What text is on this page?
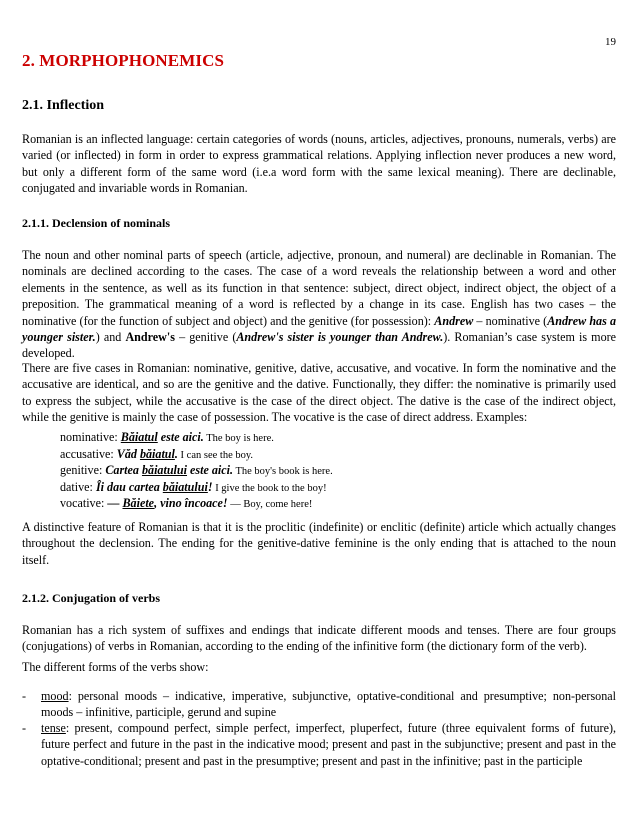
19
2. MORPHOPHONEMICS
2.1. Inflection
Romanian is an inflected language: certain categories of words (nouns, articles, adjectives, pronouns, numerals, verbs) are varied (or inflected) in form in order to express grammatical relations. Applying inflection never produces a new word, but only a different form of the same word (i.e.a word form with the same lexical meaning). There are declinable, conjugated and invariable words in Romanian.
2.1.1. Declension of nominals
The noun and other nominal parts of speech (article, adjective, pronoun, and numeral) are declinable in Romanian. The nominals are declined according to the cases. The case of a word reveals the relationship between a word and other elements in the sentence, as well as its function in that sentence: subject, direct object, indirect object, the object of a preposition. The grammatical meaning of a word is reflected by a change in its case. English has two cases – the nominative (for the function of subject and object) and the genitive (for possession): Andrew – nominative (Andrew has a younger sister.) and Andrew's – genitive (Andrew's sister is younger than Andrew.). Romanian’s case system is more developed.
There are five cases in Romanian: nominative, genitive, dative, accusative, and vocative. In form the nominative and the accusative are identical, and so are the genitive and the dative. Functionally, they differ: the nominative is primarily used to express the subject, while the accusative is the case of the direct object. The dative is the case of the indirect object, while the genitive is mainly the case of possession. The vocative is the case of direct address. Examples:
nominative: Băiatul este aici. The boy is here.
accusative: Văd băiatul. I can see the boy.
genitive: Cartea băiatului este aici. The boy's book is here.
dative: Îi dau cartea băiatului! I give the book to the boy!
vocative: — Băiete, vino încoace! — Boy, come here!
A distinctive feature of Romanian is that it is the proclitic (indefinite) or enclitic (definite) article which actually changes throughout the declension. The ending for the genitive-dative feminine is the only ending that is attached to the noun itself.
2.1.2. Conjugation of verbs
Romanian has a rich system of suffixes and endings that indicate different moods and tenses. There are four groups (conjugations) of verbs in Romanian, according to the ending of the infinitive form (the dictionary form of the verb).
The different forms of the verbs show:
- mood: personal moods – indicative, imperative, subjunctive, optative-conditional and presumptive; non-personal moods – infinitive, participle, gerund and supine
- tense: present, compound perfect, simple perfect, imperfect, pluperfect, future (three equivalent forms of future), future perfect and future in the past in the indicative mood; present and past in the subjunctive; present and past in the optative-conditional; present and past in the presumptive; present and past in the infinitive; past in the participle
